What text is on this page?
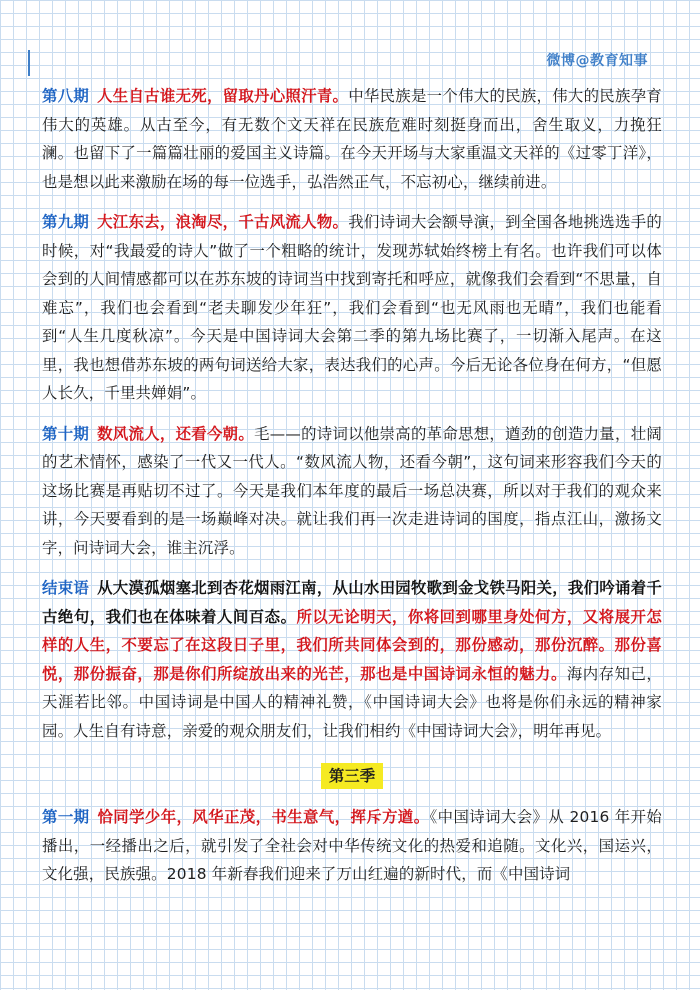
微博@教育知事

第八期 人生自古谁无死，留取丹心照汗青。中华民族是一个伟大的民族，伟大的民族孕育伟大的英雄。从古至今，有无数个文天祥在民族危难时刻挺身而出，舍生取义，力挽狂澜。也留下了一篇篇壮丽的爱国主义诗篇。在今天开场与大家重温文天祥的《过零丁洋》，也是想以此来激励在场的每一位选手，弘浩然正气，不忘初心，继续前进。

第九期 大江东去，浪淘尽，千古风流人物。我们诗词大会额导演，到全国各地挑选选手的时候，对“我最爱的诗人”做了一个粗略的统计，发现苏轼始终榜上有名。也许我们可以体会到的人间情感都可以在苏东坡的诗词当中找到寄托和呼应，就像我们会看到“不思量，自难忘”，我们也会看到“老夫聊发少年狂”，我们会看到“也无风雨也无晴”，我们也能看到“人生几度秋凉”。今天是中国诗词大会第二季的第九场比赛了，一切渐入尾声。在这里，我也想借苏东坡的两句词送给大家，表达我们的心声。今后无论各位身在何方，“但愿人长久，千里共婵娟”。

第十期 数风流人，还看今朝。毛——的诗词以他崇高的革命思想，遒劲的创造力量，壮阔的艺术情怀，感染了一代又一代人。“数风流人物，还看今朝”，这句词来形容我们今天的这场比赛是再贴切不过了。今天是我们本年度的最后一场总决赛，所以对于我们的观众来讲，今天要看到的是一场巅峰对决。就让我们再一次走进诗词的国度，指点江山，激扬文字，问诗词大会，谁主沉浮。

结束语 从大漠孤烟塞北到杏花烟雨江南，从山水田园牧歌到金戈铁马阳关，我们吟诵着千古绝句，我们也在体味着人间百态。所以无论明天，你将回到哪里身处何方，又将展开怎样的人生，不要忘了在这段日子里，我们所共同体会到的，那份感动，那份沉醉。那份喜悦，那份振奋，那是你们所绽放出来的光芒，那也是中国诗词永恒的魅力。海内存知己，天涯若比邻。中国诗词是中国人的精神礼赞，《中国诗词大会》也将是你们永远的精神家园。人生自有诗意，亲爱的观众朋友们，让我们相约《中国诗词大会》，明年再见。

第三季

第一期 恰同学少年，风华正茂，书生意气，挥斥方遒。《中国诗词大会》从 2016 年开始播出，一经播出之后，就引发了全社会对中华传统文化的热爱和追随。文化兴，国运兴，文化强，民族强。2018 年新春我们迎来了万山红遍的新时代，而《中国诗词
